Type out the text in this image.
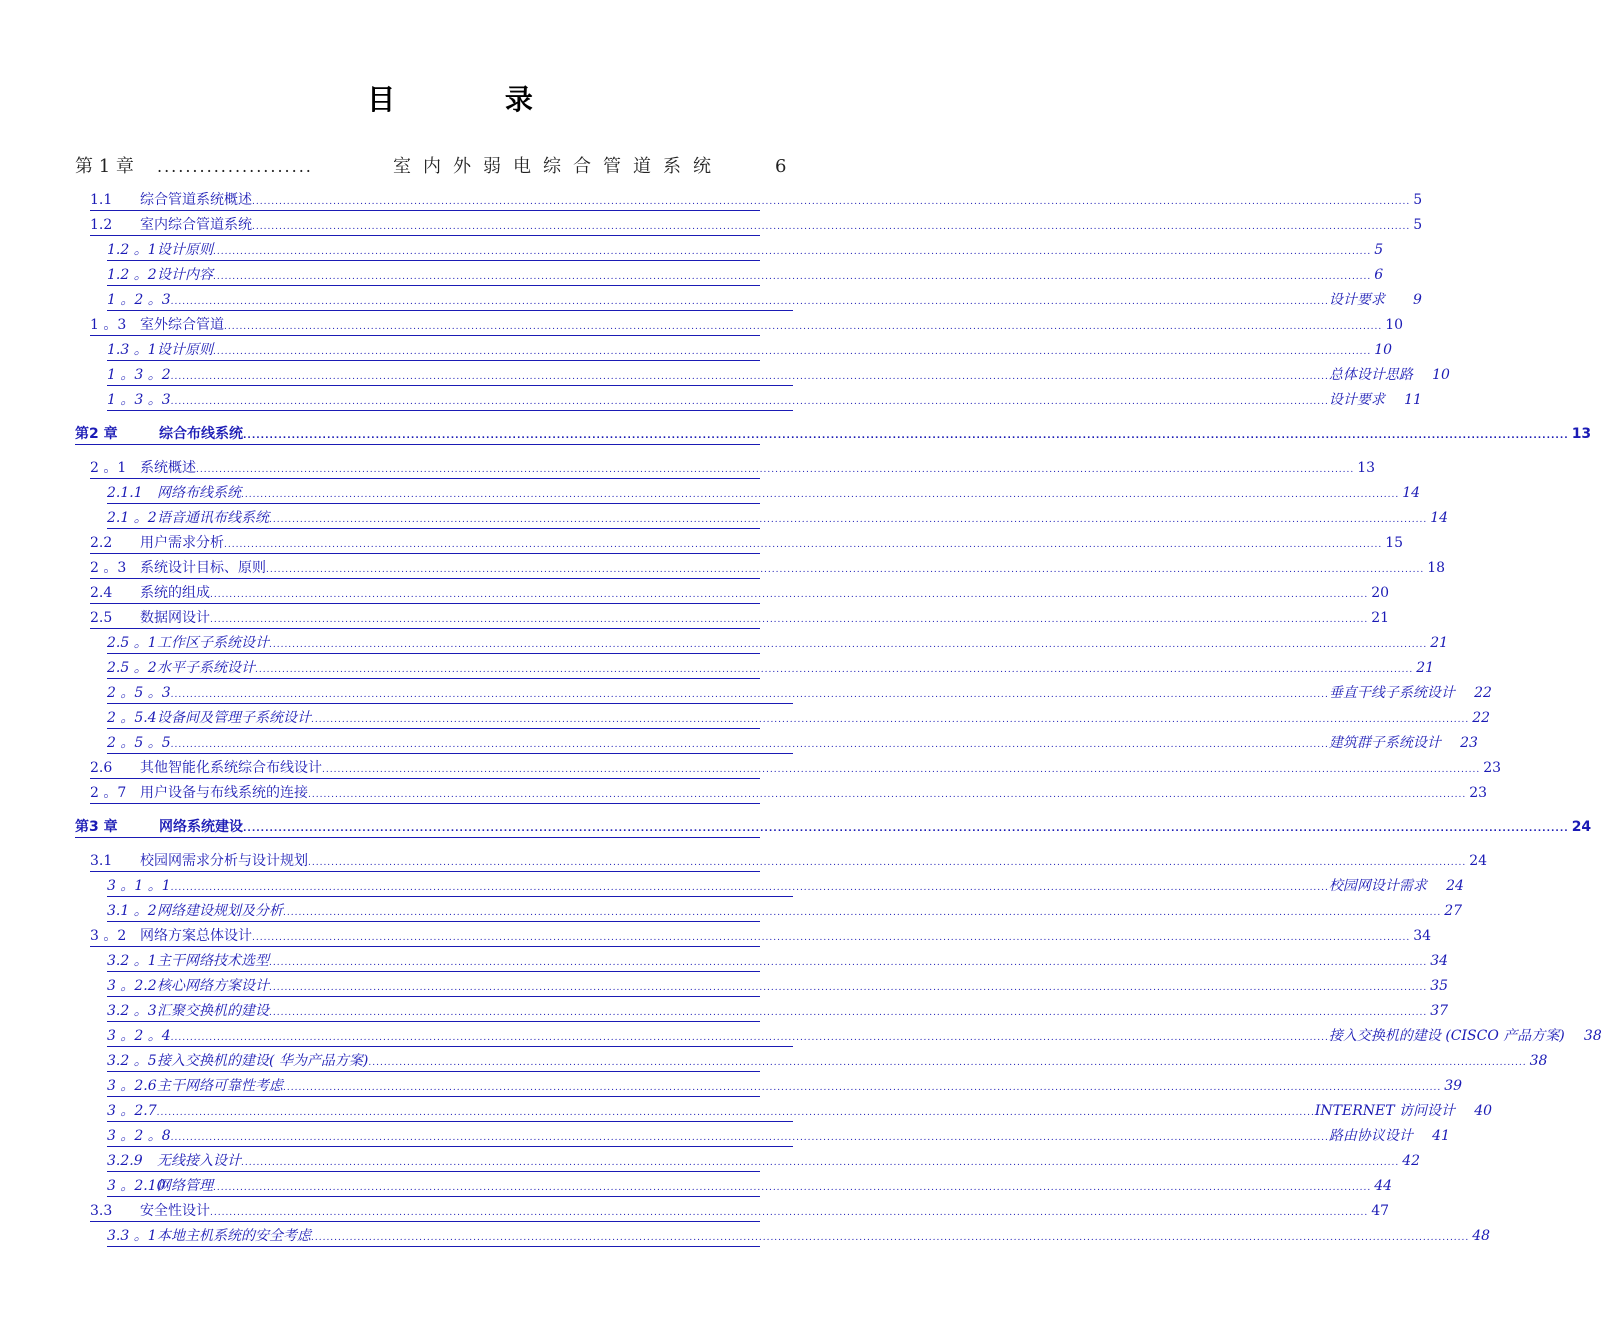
目 录
第 1 章 ......................	室内外弱电综合管道系统	6
1.1 综合管道系统概述 ............................................................................................................................................................................................................................................................................................................ 5
1.2 室内综合管道系统 ............................................................................................................................................................................................................................................................................................................ 5
1.2 。1设计原则 ............................................................................................................................................................................................................................................................................................................ 5
1.2 。2设计内容 ............................................................................................................................................................................................................................................................................................................ 6
1 。2 。3 ............................................................................................................................................................................................................................................................................................................ 设计要求	9
1 。3 室外综合管道 ............................................................................................................................................................................................................................................................................................................ 10
1.3 。1设计原则 ............................................................................................................................................................................................................................................................................................................ 10
1 。3 。2 ............................................................................................................................................................................................................................................................................................................ 总体设计思路	10
1 。3 。3 ............................................................................................................................................................................................................................................................................................................ 设计要求	11
第2 章	综合布线系统 ............................................................................................................................................................................................................................................................................................................ 13
2 。1 系统概述 ............................................................................................................................................................................................................................................................................................................ 13
2.1.1 网络布线系统 ............................................................................................................................................................................................................................................................................................................ 14
2.1 。2语音通讯布线系统 ............................................................................................................................................................................................................................................................................................................ 14
2.2 用户需求分析 ............................................................................................................................................................................................................................................................................................................ 15
2 。3 系统设计目标、原则 ............................................................................................................................................................................................................................................................................................................ 18
2.4 系统的组成 ............................................................................................................................................................................................................................................................................................................ 20
2.5 数据网设计 ............................................................................................................................................................................................................................................................................................................ 21
2.5 。1工作区子系统设计 ............................................................................................................................................................................................................................................................................................................ 21
2.5 。2水平子系统设计 ............................................................................................................................................................................................................................................................................................................ 21
2 。5 。3 ............................................................................................................................................................................................................................................................................................................ 垂直干线子系统设计	22
2 。5.4设备间及管理子系统设计 ............................................................................................................................................................................................................................................................................................................ 22
2 。5 。5 ............................................................................................................................................................................................................................................................................................................ 建筑群子系统设计	23
2.6 其他智能化系统综合布线设计 ............................................................................................................................................................................................................................................................................................................ 23
2 。7 用户设备与布线系统的连接 ............................................................................................................................................................................................................................................................................................................ 23
第3 章	网络系统建设 ............................................................................................................................................................................................................................................................................................................ 24
3.1 校园网需求分析与设计规划 ............................................................................................................................................................................................................................................................................................................ 24
3 。1 。1 ............................................................................................................................................................................................................................................................................................................ 校园网设计需求	24
3.1 。2网络建设规划及分析 ............................................................................................................................................................................................................................................................................................................ 27
3 。2 网络方案总体设计 ............................................................................................................................................................................................................................................................................................................ 34
3.2 。1主干网络技术选型 ............................................................................................................................................................................................................................................................................................................ 34
3 。2.2核心网络方案设计 ............................................................................................................................................................................................................................................................................................................ 35
3.2 。3汇聚交换机的建设 ............................................................................................................................................................................................................................................................................................................ 37
3 。2 。4 ............................................................................................................................................................................................................................................................................................................ 接入交换机的建设 (CISCO 产品方案)	38
3.2 。5接入交换机的建设( 华为产品方案) ............................................................................................................................................................................................................................................................................................................ 38
3 。2.6主干网络可靠性考虑 ............................................................................................................................................................................................................................................................................................................ 39
3 。2.7 ............................................................................................................................................................................................................................................................................................................ INTERNET 访问设计	40
3 。2 。8 ............................................................................................................................................................................................................................................................................................................ 路由协议设计	41
3.2.9 无线接入设计 ............................................................................................................................................................................................................................................................................................................ 42
3 。2.10网络管理 ............................................................................................................................................................................................................................................................................................................ 44
3.3 安全性设计 ............................................................................................................................................................................................................................................................................................................ 47
3.3 。1本地主机系统的安全考虑 ............................................................................................................................................................................................................................................................................................................ 48
